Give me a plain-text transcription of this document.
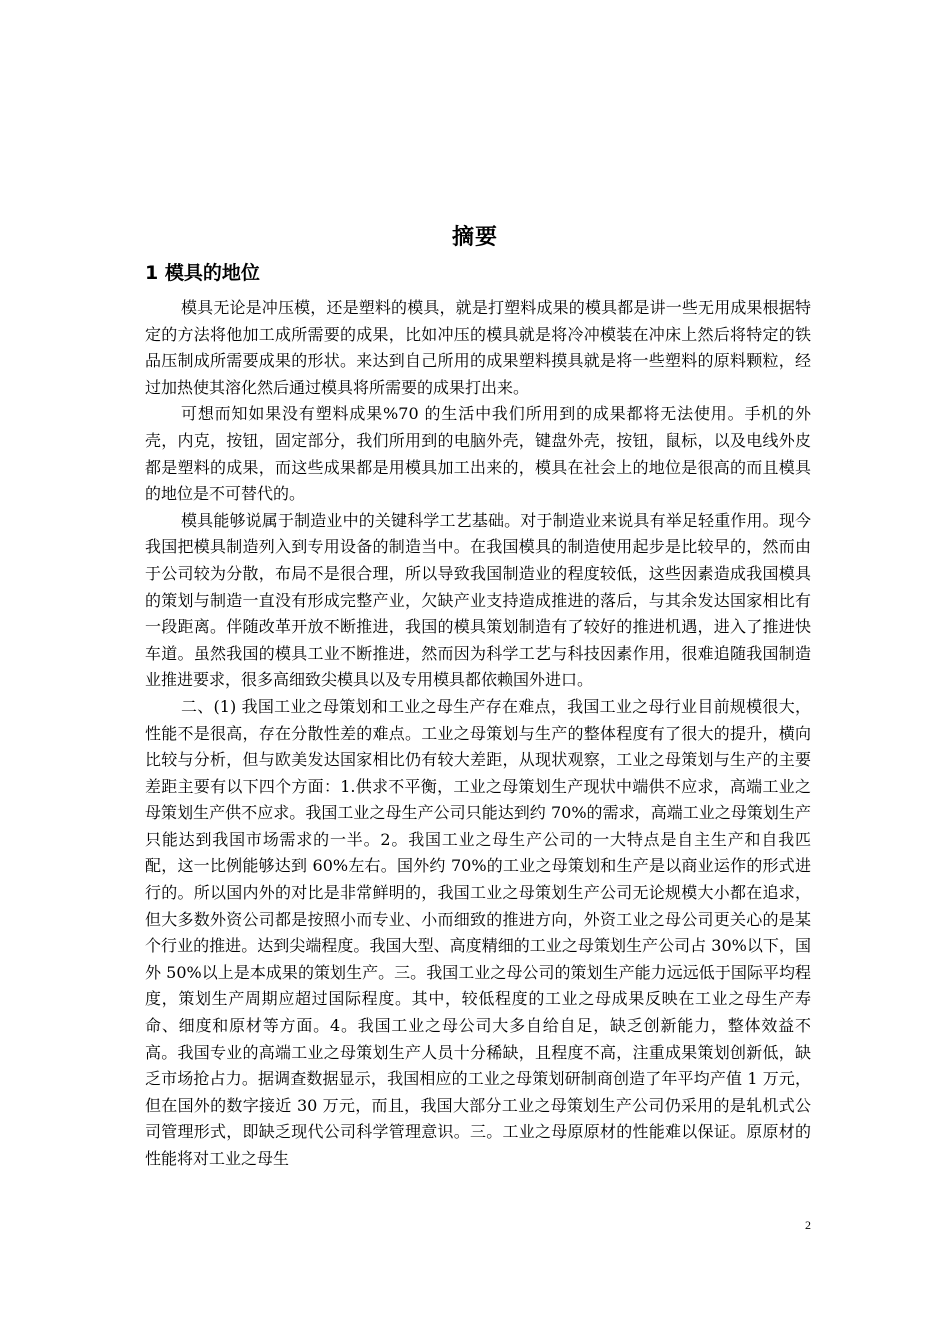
摘要
1 模具的地位

模具无论是冲压模，还是塑料的模具，就是打塑料成果的模具都是讲一些无用成果根据特定的方法将他加工成所需要的成果，比如冲压的模具就是将冷冲模装在冲床上然后将特定的铁品压制成所需要成果的形状。来达到自己所用的成果塑料摸具就是将一些塑料的原料颗粒，经过加热使其溶化然后通过模具将所需要的成果打出来。

可想而知如果没有塑料成果%70 的生活中我们所用到的成果都将无法使用。手机的外壳，内克，按钮，固定部分，我们所用到的电脑外壳，键盘外壳，按钮，鼠标，以及电线外皮都是塑料的成果，而这些成果都是用模具加工出来的，模具在社会上的地位是很高的而且模具的地位是不可替代的。

模具能够说属于制造业中的关键科学工艺基础。对于制造业来说具有举足轻重作用。现今我国把模具制造列入到专用设备的制造当中。在我国模具的制造使用起步是比较早的，然而由于公司较为分散，布局不是很合理，所以导致我国制造业的程度较低，这些因素造成我国模具的策划与制造一直没有形成完整产业，欠缺产业支持造成推进的落后，与其余发达国家相比有一段距离。伴随改革开放不断推进，我国的模具策划制造有了较好的推进机遇，进入了推进快车道。虽然我国的模具工业不断推进，然而因为科学工艺与科技因素作用，很难追随我国制造业推进要求，很多高细致尖模具以及专用模具都依赖国外进口。

二、(1) 我国工业之母策划和工业之母生产存在难点，我国工业之母行业目前规模很大，性能不是很高，存在分散性差的难点。工业之母策划与生产的整体程度有了很大的提升，横向比较与分析，但与欧美发达国家相比仍有较大差距，从现状观察，工业之母策划与生产的主要差距主要有以下四个方面：1.供求不平衡，工业之母策划生产现状中端供不应求，高端工业之母策划生产供不应求。我国工业之母生产公司只能达到约 70%的需求，高端工业之母策划生产只能达到我国市场需求的一半。2。我国工业之母生产公司的一大特点是自主生产和自我匹配，这一比例能够达到 60%左右。国外约 70%的工业之母策划和生产是以商业运作的形式进行的。所以国内外的对比是非常鲜明的，我国工业之母策划生产公司无论规模大小都在追求，但大多数外资公司都是按照小而专业、小而细致的推进方向，外资工业之母公司更关心的是某个行业的推进。达到尖端程度。我国大型、高度精细的工业之母策划生产公司占 30%以下，国外 50%以上是本成果的策划生产。三。我国工业之母公司的策划生产能力远远低于国际平均程度，策划生产周期应超过国际程度。其中，较低程度的工业之母成果反映在工业之母生产寿命、细度和原材等方面。4。我国工业之母公司大多自给自足，缺乏创新能力，整体效益不高。我国专业的高端工业之母策划生产人员十分稀缺，且程度不高，注重成果策划创新低，缺乏市场抢占力。据调查数据显示，我国相应的工业之母策划研制商创造了年平均产值 1 万元，但在国外的数字接近 30 万元，而且，我国大部分工业之母策划生产公司仍采用的是轧机式公司管理形式，即缺乏现代公司科学管理意识。三。工业之母原原材的性能难以保证。原原材的性能将对工业之母生

2
